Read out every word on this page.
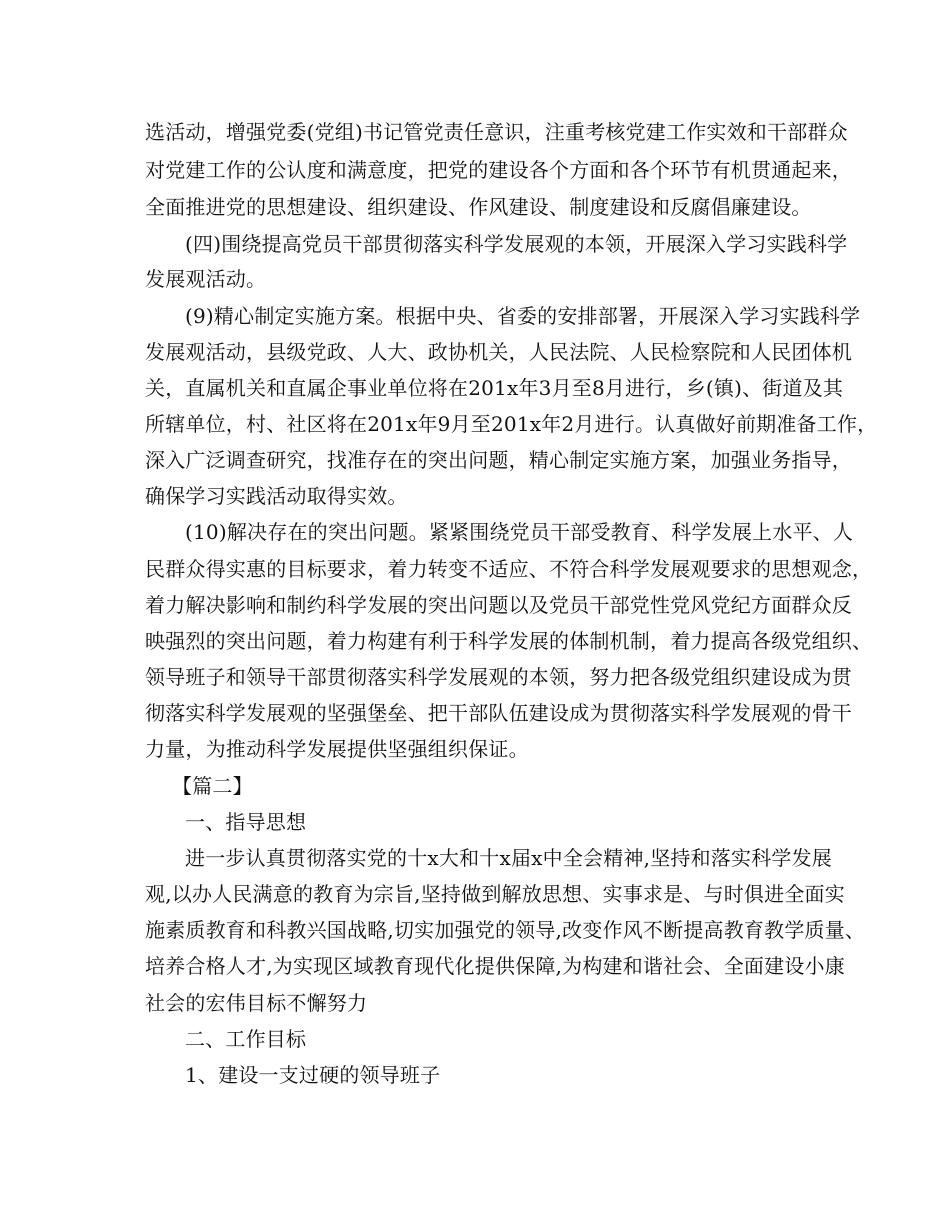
选活动，增强党委(党组)书记管党责任意识，注重考核党建工作实效和干部群众
对党建工作的公认度和满意度，把党的建设各个方面和各个环节有机贯通起来，
全面推进党的思想建设、组织建设、作风建设、制度建设和反腐倡廉建设。
(四)围绕提高党员干部贯彻落实科学发展观的本领，开展深入学习实践科学
发展观活动。
(9)精心制定实施方案。根据中央、省委的安排部署，开展深入学习实践科学
发展观活动，县级党政、人大、政协机关，人民法院、人民检察院和人民团体机
关，直属机关和直属企事业单位将在201x年3月至8月进行，乡(镇)、街道及其
所辖单位，村、社区将在201x年9月至201x年2月进行。认真做好前期准备工作，
深入广泛调查研究，找准存在的突出问题，精心制定实施方案，加强业务指导，
确保学习实践活动取得实效。
(10)解决存在的突出问题。紧紧围绕党员干部受教育、科学发展上水平、人
民群众得实惠的目标要求，着力转变不适应、不符合科学发展观要求的思想观念，
着力解决影响和制约科学发展的突出问题以及党员干部党性党风党纪方面群众反
映强烈的突出问题，着力构建有利于科学发展的体制机制，着力提高各级党组织、
领导班子和领导干部贯彻落实科学发展观的本领，努力把各级党组织建设成为贯
彻落实科学发展观的坚强堡垒、把干部队伍建设成为贯彻落实科学发展观的骨干
力量，为推动科学发展提供坚强组织保证。
【篇二】
一、指导思想
进一步认真贯彻落实党的十x大和十x届x中全会精神,坚持和落实科学发展
观,以办人民满意的教育为宗旨,坚持做到解放思想、实事求是、与时俱进全面实
施素质教育和科教兴国战略,切实加强党的领导,改变作风不断提高教育教学质量、
培养合格人才,为实现区域教育现代化提供保障,为构建和谐社会、全面建设小康
社会的宏伟目标不懈努力
二、工作目标
1、建设一支过硬的领导班子
